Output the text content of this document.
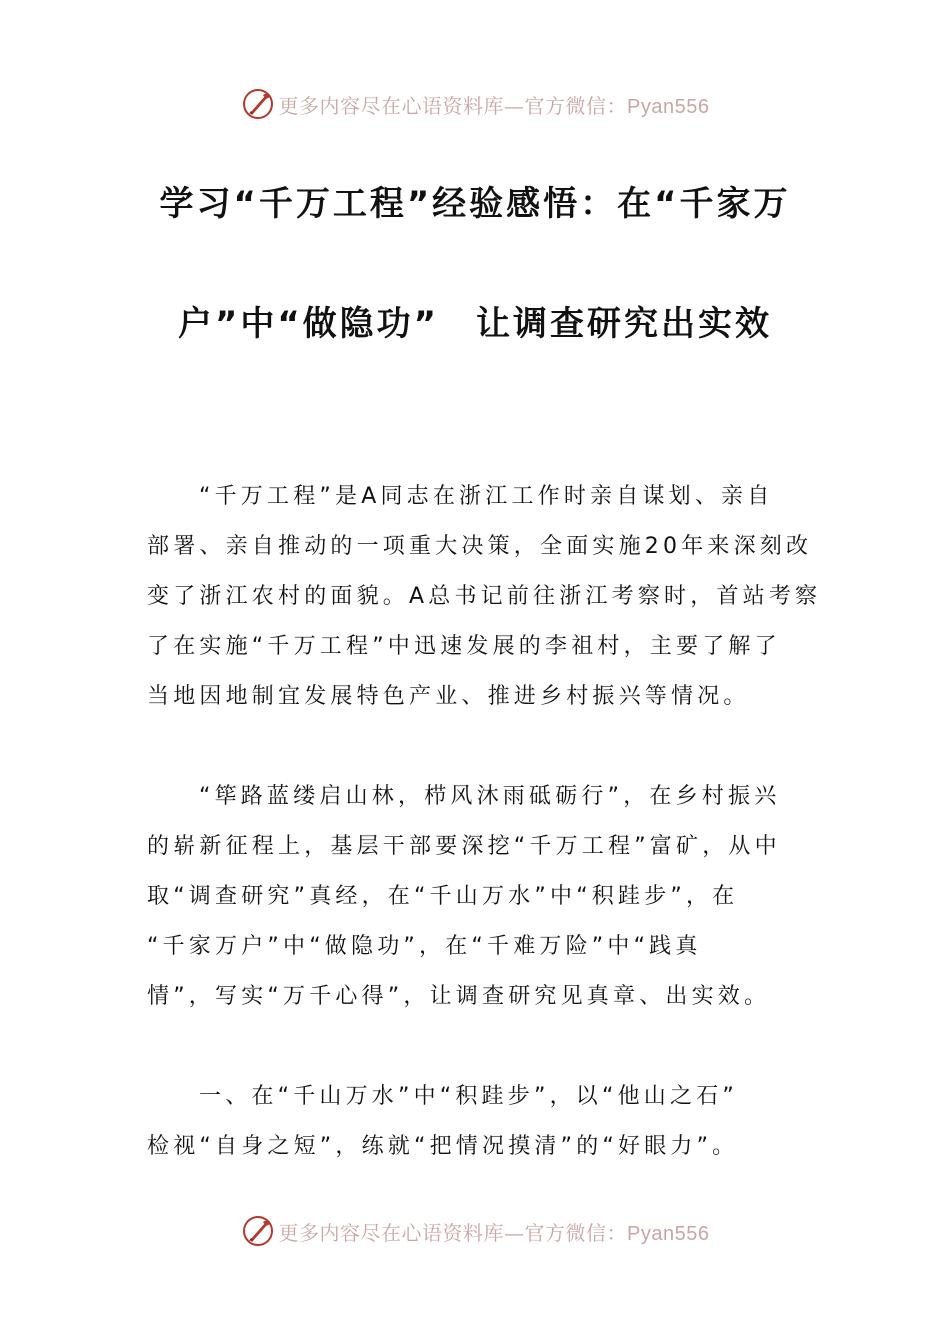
更多内容尽在心语资料库—官方微信：Pyan556
学习“千万工程”经验感悟：在“千家万
户”中“做隐功”　让调查研究出实效
“千万工程”是A同志在浙江工作时亲自谋划、亲自
部署、亲自推动的一项重大决策，全面实施20年来深刻改
变了浙江农村的面貌。A总书记前往浙江考察时，首站考察
了在实施“千万工程”中迅速发展的李祖村，主要了解了
当地因地制宜发展特色产业、推进乡村振兴等情况。
“筚路蓝缕启山林，栉风沐雨砥砺行”，在乡村振兴
的崭新征程上，基层干部要深挖“千万工程”富矿，从中
取“调查研究”真经，在“千山万水”中“积跬步”，在
“千家万户”中“做隐功”，在“千难万险”中“践真
情”，写实“万千心得”，让调查研究见真章、出实效。
一、在“千山万水”中“积跬步”，以“他山之石”
检视“自身之短”，练就“把情况摸清”的“好眼力”。
更多内容尽在心语资料库—官方微信：Pyan556
